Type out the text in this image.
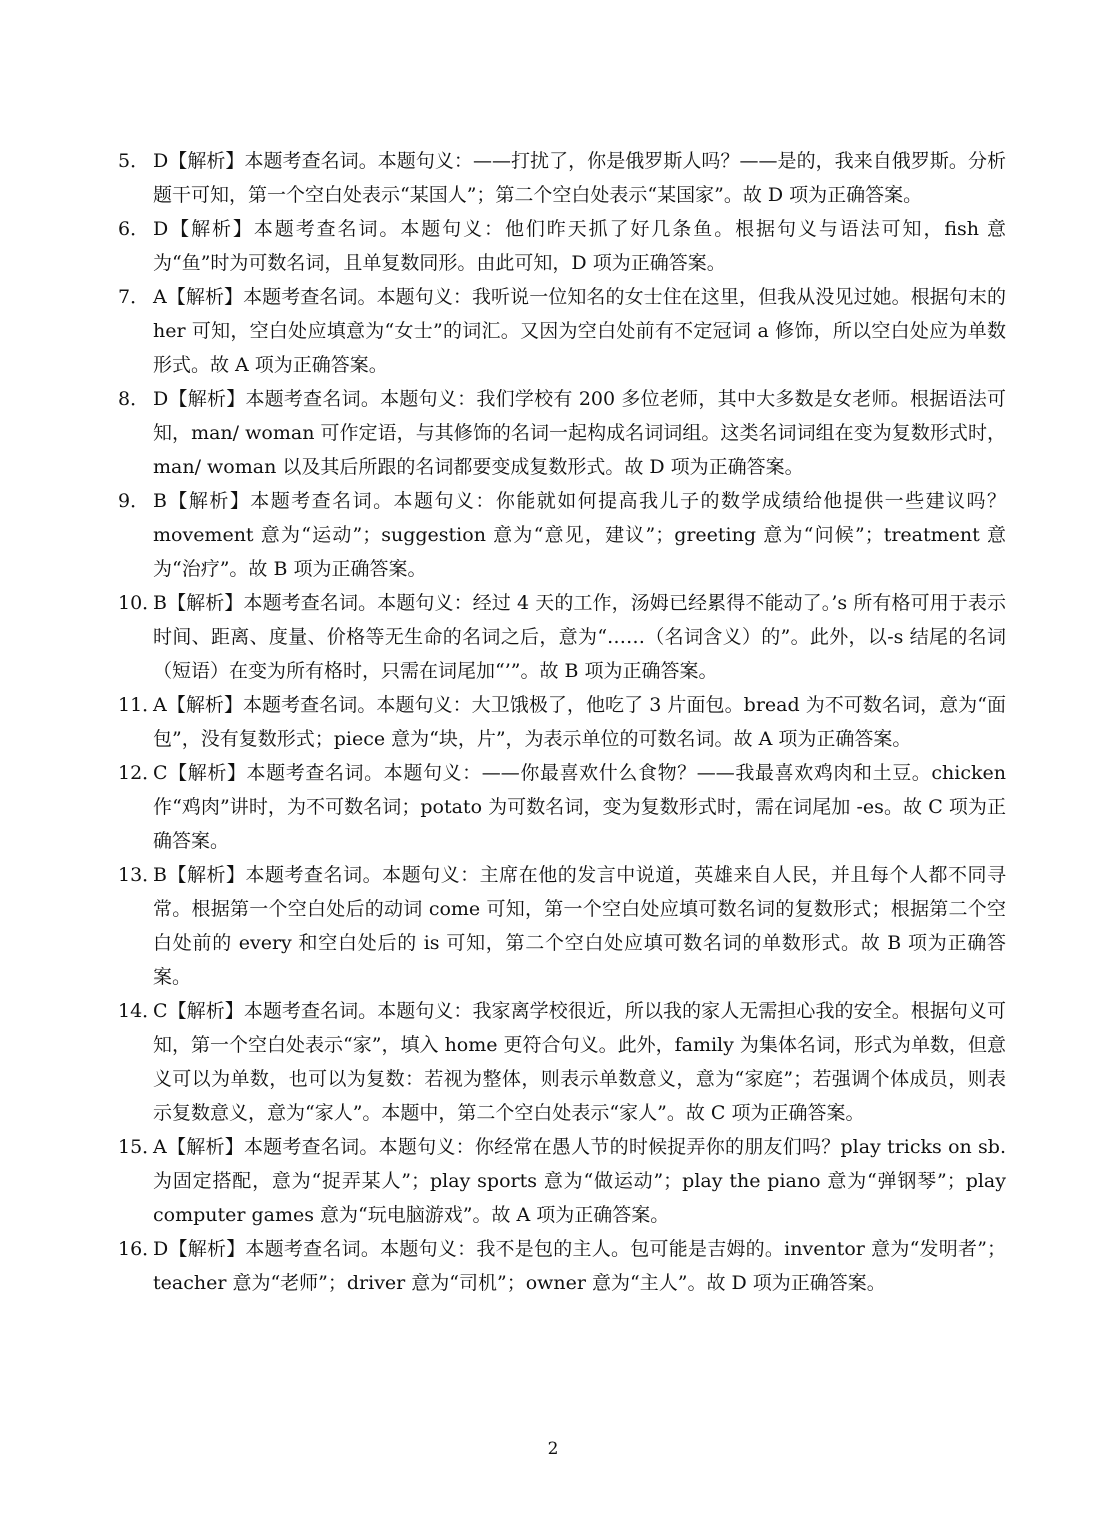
5． D【解析】本题考查名词。本题句义：——打扰了，你是俄罗斯人吗？——是的，我来自俄罗斯。分析题干可知，第一个空白处表示“某国人”；第二个空白处表示“某国家”。故 D 项为正确答案。

6． D【解析】本题考查名词。本题句义：他们昨天抓了好几条鱼。根据句义与语法可知，fish 意为“鱼”时为可数名词，且单复数同形。由此可知，D 项为正确答案。

7． A【解析】本题考查名词。本题句义：我听说一位知名的女士住在这里，但我从没见过她。根据句末的 her 可知，空白处应填意为“女士”的词汇。又因为空白处前有不定冠词 a 修饰，所以空白处应为单数形式。故 A 项为正确答案。

8． D【解析】本题考查名词。本题句义：我们学校有 200 多位老师，其中大多数是女老师。根据语法可知，man/ woman 可作定语，与其修饰的名词一起构成名词词组。这类名词词组在变为复数形式时，man/ woman 以及其后所跟的名词都要变成复数形式。故 D 项为正确答案。

9． B【解析】本题考查名词。本题句义：你能就如何提高我儿子的数学成绩给他提供一些建议吗？movement 意为“运动”；suggestion 意为“意见，建议”；greeting 意为“问候”；treatment 意为“治疗”。故 B 项为正确答案。

10．
B【解析】本题考查名词。本题句义：经过 4 天的工作，汤姆已经累得不能动了。’s 所有格可用于表示时间、距离、度量、价格等无生命的名词之后，意为“……（名词含义）的”。此外，以-s 结尾的名词（短语）在变为所有格时，只需在词尾加“’”。故 B 项为正确答案。

11．
A【解析】本题考查名词。本题句义：大卫饿极了，他吃了 3 片面包。bread 为不可数名词，意为“面包”，没有复数形式；piece 意为“块，片”，为表示单位的可数名词。故 A 项为正确答案。

12．
C【解析】本题考查名词。本题句义：——你最喜欢什么食物？——我最喜欢鸡肉和土豆。chicken 作“鸡肉”讲时，为不可数名词；potato 为可数名词，变为复数形式时，需在词尾加 -es。故 C 项为正确答案。

13．
B【解析】本题考查名词。本题句义：主席在他的发言中说道，英雄来自人民，并且每个人都不同寻常。根据第一个空白处后的动词 come 可知，第一个空白处应填可数名词的复数形式；根据第二个空白处前的 every 和空白处后的 is 可知，第二个空白处应填可数名词的单数形式。故 B 项为正确答案。

14．
C【解析】本题考查名词。本题句义：我家离学校很近，所以我的家人无需担心我的安全。根据句义可知，第一个空白处表示“家”，填入 home 更符合句义。此外，family 为集体名词，形式为单数，但意义可以为单数，也可以为复数：若视为整体，则表示单数意义，意为“家庭”；若强调个体成员，则表示复数意义，意为“家人”。本题中，第二个空白处表示“家人”。故 C 项为正确答案。

15．
A【解析】本题考查名词。本题句义：你经常在愚人节的时候捉弄你的朋友们吗？play tricks on sb.为固定搭配，意为“捉弄某人”；play sports 意为“做运动”；play the piano 意为“弹钢琴”；play computer games 意为“玩电脑游戏”。故 A 项为正确答案。

16．
D【解析】本题考查名词。本题句义：我不是包的主人。包可能是吉姆的。inventor 意为“发明者”；teacher 意为“老师”；driver 意为“司机”；owner 意为“主人”。故 D 项为正确答案。

2
